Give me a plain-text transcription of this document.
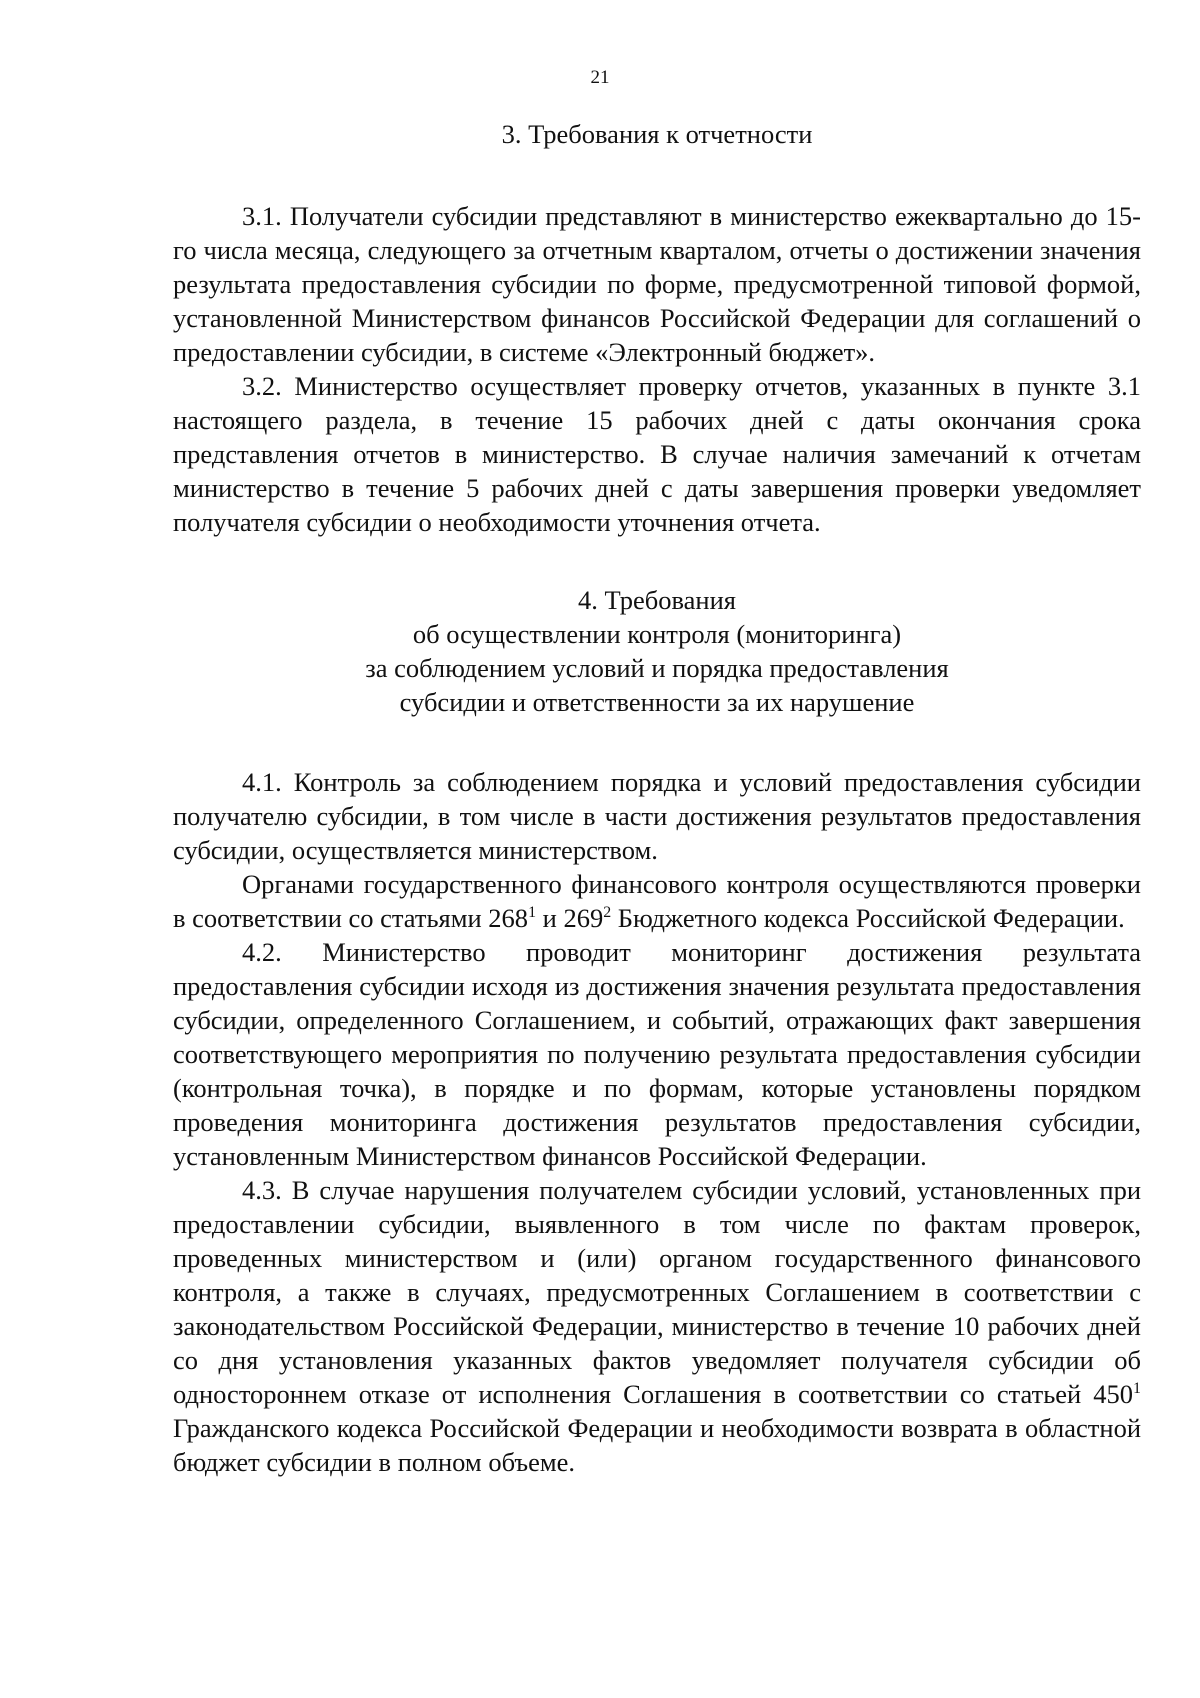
21

3. Требования к отчетности

3.1. Получатели субсидии представляют в министерство ежеквартально до 15-го числа месяца, следующего за отчетным кварталом, отчеты о достижении значения результата предоставления субсидии по форме, предусмотренной типовой формой, установленной Министерством финансов Российской Федерации для соглашений о предоставлении субсидии, в системе «Электронный бюджет».

3.2. Министерство осуществляет проверку отчетов, указанных в пункте 3.1 настоящего раздела, в течение 15 рабочих дней с даты окончания срока представления отчетов в министерство. В случае наличия замечаний к отчетам министерство в течение 5 рабочих дней с даты завершения проверки уведомляет получателя субсидии о необходимости уточнения отчета.

4. Требования
об осуществлении контроля (мониторинга)
за соблюдением условий и порядка предоставления
субсидии и ответственности за их нарушение

4.1. Контроль за соблюдением порядка и условий предоставления субсидии получателю субсидии, в том числе в части достижения результатов предоставления субсидии, осуществляется министерством.

Органами государственного финансового контроля осуществляются проверки в соответствии со статьями $268^1$ и $269^2$ Бюджетного кодекса Российской Федерации.

4.2. Министерство проводит мониторинг достижения результата предоставления субсидии исходя из достижения значения результата предоставления субсидии, определенного Соглашением, и событий, отражающих факт завершения соответствующего мероприятия по получению результата предоставления субсидии (контрольная точка), в порядке и по формам, которые установлены порядком проведения мониторинга достижения результатов предоставления субсидии, установленным Министерством финансов Российской Федерации.

4.3. В случае нарушения получателем субсидии условий, установленных при предоставлении субсидии, выявленного в том числе по фактам проверок, проведенных министерством и (или) органом государственного финансового контроля, а также в случаях, предусмотренных Соглашением в соответствии с законодательством Российской Федерации, министерство в течение 10 рабочих дней со дня установления указанных фактов уведомляет получателя субсидии об одностороннем отказе от исполнения Соглашения в соответствии со статьей $450^1$ Гражданского кодекса Российской Федерации и необходимости возврата в областной бюджет субсидии в полном объеме.
